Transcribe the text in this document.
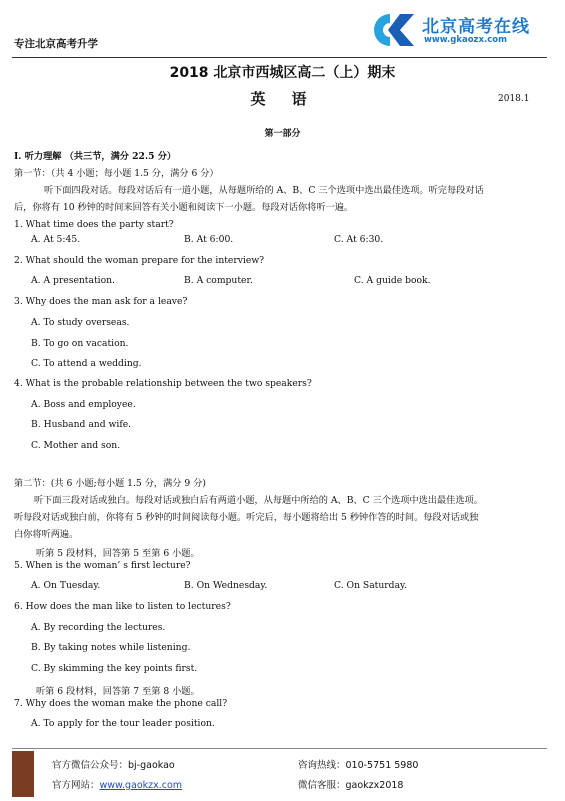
专注北京高考升学
北京高考在线
www.gkaozx.com
2018 北京市西城区高二（上）期末
英语	2018.1
第一部分
I. 听力理解 （共三节，满分 22.5 分）
第一节：（共 4 小题；每小题 1.5 分，满分 6 分）
听下面四段对话。每段对话后有一道小题，从每题所给的 A、B、C 三个选项中选出最佳选项。听完每段对话
后，你将有 10 秒钟的时间来回答有关小题和阅读下一小题。每段对话你将听一遍。
1. What time does the party start?
A. At 5:45.	B. At 6:00.	C. At 6:30.
2. What should the woman prepare for the interview?
A. A presentation.	B. A computer.	C. A guide book.
3. Why does the man ask for a leave?
A. To study overseas.
B. To go on vacation.
C. To attend a wedding.
4. What is the probable relationship between the two speakers?
A. Boss and employee.
B. Husband and wife.
C. Mother and son.
第二节：(共 6 小题;每小题 1.5 分，满分 9 分)
听下面三段对话或独白。每段对话或独白后有两道小题，从每题中所给的 A、B、C 三个选项中选出最佳选项。
听每段对话或独白前，你将有 5 秒钟的时间阅读每小题。听完后，每小题将给出 5 秒钟作答的时间。每段对话或独
白你将听两遍。
听第 5 段材料，回答第 5 至第 6 小题。
5. When is the woman’ s first lecture?
A. On Tuesday.	B. On Wednesday.	C. On Saturday.
6. How does the man like to listen to lectures?
A. By recording the lectures.
B. By taking notes while listening.
C. By skimming the key points first.
听第 6 段材料，回答第 7 至第 8 小题。
7. Why does the woman make the phone call?
A. To apply for the tour leader position.
官方微信公众号：bj-gaokao
官方网站：www.gaokzx.com
咨询热线：010-5751 5980
微信客服：gaokzx2018
